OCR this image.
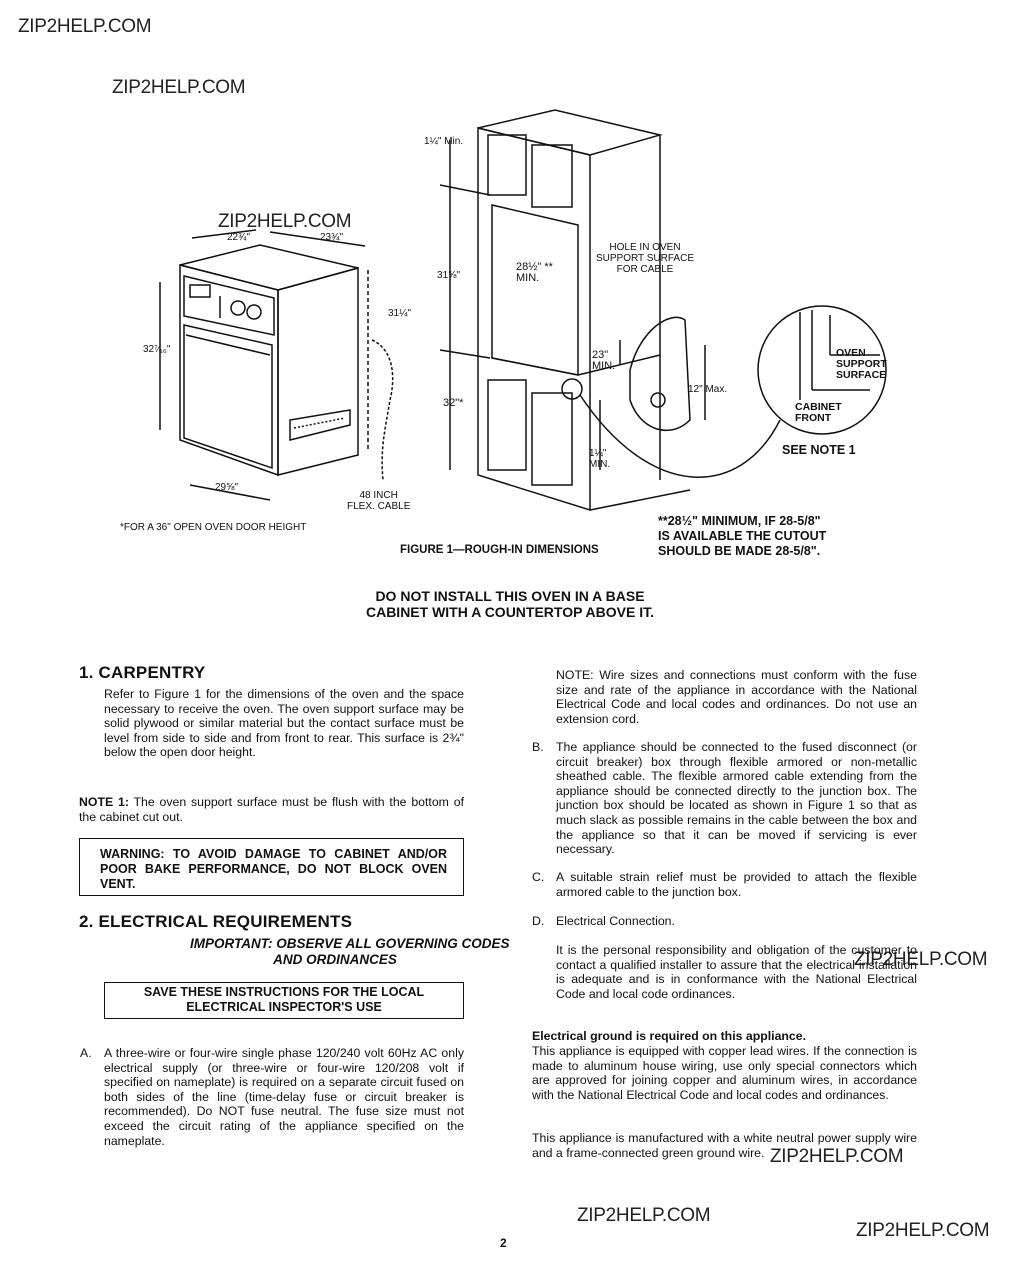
ZIP2HELP.COM
ZIP2HELP.COM
ZIP2HELP.COM
ZIP2HELP.COM
ZIP2HELP.COM
ZIP2HELP.COM
ZIP2HELP.COM
22¾"	23¾"
32⁷⁄₁₆"
29⅝"
31¼"
48 INCH
FLEX. CABLE
*FOR A 36" OPEN OVEN DOOR HEIGHT
1¼" Min.
31⅝"
28½" **
MIN.
HOLE IN OVEN
SUPPORT SURFACE
FOR CABLE
23"
MIN.
12" Max.
32"*
1¼"
MIN.
OVEN
SUPPORT
SURFACE
CABINET
FRONT
SEE NOTE 1
FIGURE 1—ROUGH-IN DIMENSIONS
**28½" MINIMUM, IF 28-5/8"
IS AVAILABLE THE CUTOUT
SHOULD BE MADE 28-5/8".
DO NOT INSTALL THIS OVEN IN A BASE
CABINET WITH A COUNTERTOP ABOVE IT.
1. CARPENTRY
Refer to Figure 1 for the dimensions of the oven and the space necessary to receive the oven. The oven support surface may be solid plywood or similar material but the contact surface must be level from side to side and from front to rear. This surface is 2¾" below the open door height.
NOTE 1: The oven support surface must be flush with the bottom of the cabinet cut out.
WARNING: TO AVOID DAMAGE TO CABINET AND/OR POOR BAKE PERFORMANCE, DO NOT BLOCK OVEN VENT.
2. ELECTRICAL REQUIREMENTS
IMPORTANT: OBSERVE ALL GOVERNING CODES
AND ORDINANCES
SAVE THESE INSTRUCTIONS FOR THE LOCAL
ELECTRICAL INSPECTOR'S USE
A. A three-wire or four-wire single phase 120/240 volt 60Hz AC only electrical supply (or three-wire or four-wire 120/208 volt if specified on nameplate) is required on a separate circuit fused on both sides of the line (time-delay fuse or circuit breaker is recommended). Do NOT fuse neutral. The fuse size must not exceed the circuit rating of the appliance specified on the nameplate.
NOTE: Wire sizes and connections must conform with the fuse size and rate of the appliance in accordance with the National Electrical Code and local codes and ordinances. Do not use an extension cord.
B. The appliance should be connected to the fused disconnect (or circuit breaker) box through flexible armored or non-metallic sheathed cable. The flexible armored cable extending from the appliance should be connected directly to the junction box. The junction box should be located as shown in Figure 1 so that as much slack as possible remains in the cable between the box and the appliance so that it can be moved if servicing is ever necessary.
C. A suitable strain relief must be provided to attach the flexible armored cable to the junction box.
D. Electrical Connection.
It is the personal responsibility and obligation of the customer to contact a qualified installer to assure that the electrical installation is adequate and is in conformance with the National Electrical Code and local code ordinances.
Electrical ground is required on this appliance.
This appliance is equipped with copper lead wires. If the connection is made to aluminum house wiring, use only special connectors which are approved for joining copper and aluminum wires, in accordance with the National Electrical Code and local codes and ordinances.
This appliance is manufactured with a white neutral power supply wire and a frame-connected green ground wire.
2
